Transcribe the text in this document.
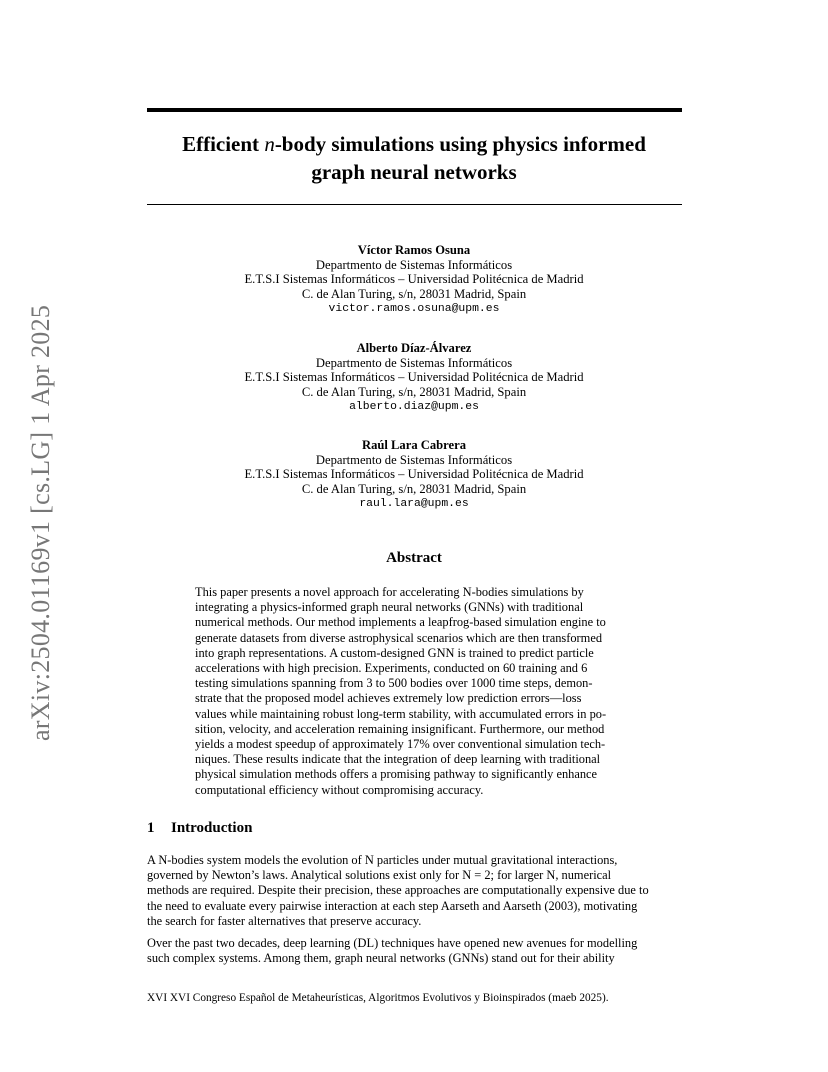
arXiv:2504.01169v1 [cs.LG] 1 Apr 2025
Efficient n-body simulations using physics informed
graph neural networks
Víctor Ramos Osuna
Departmento de Sistemas Informáticos
E.T.S.I Sistemas Informáticos – Universidad Politécnica de Madrid
C. de Alan Turing, s/n, 28031 Madrid, Spain
victor.ramos.osuna@upm.es
Alberto Díaz-Álvarez
Departmento de Sistemas Informáticos
E.T.S.I Sistemas Informáticos – Universidad Politécnica de Madrid
C. de Alan Turing, s/n, 28031 Madrid, Spain
alberto.diaz@upm.es
Raúl Lara Cabrera
Departmento de Sistemas Informáticos
E.T.S.I Sistemas Informáticos – Universidad Politécnica de Madrid
C. de Alan Turing, s/n, 28031 Madrid, Spain
raul.lara@upm.es
Abstract
This paper presents a novel approach for accelerating N-bodies simulations by
integrating a physics-informed graph neural networks (GNNs) with traditional
numerical methods. Our method implements a leapfrog-based simulation engine to
generate datasets from diverse astrophysical scenarios which are then transformed
into graph representations. A custom-designed GNN is trained to predict particle
accelerations with high precision. Experiments, conducted on 60 training and 6
testing simulations spanning from 3 to 500 bodies over 1000 time steps, demon-
strate that the proposed model achieves extremely low prediction errors—loss
values while maintaining robust long-term stability, with accumulated errors in po-
sition, velocity, and acceleration remaining insignificant. Furthermore, our method
yields a modest speedup of approximately 17% over conventional simulation tech-
niques. These results indicate that the integration of deep learning with traditional
physical simulation methods offers a promising pathway to significantly enhance
computational efficiency without compromising accuracy.
1 Introduction
A N-bodies system models the evolution of N particles under mutual gravitational interactions,
governed by Newton’s laws. Analytical solutions exist only for N = 2; for larger N, numerical
methods are required. Despite their precision, these approaches are computationally expensive due to
the need to evaluate every pairwise interaction at each step Aarseth and Aarseth (2003), motivating
the search for faster alternatives that preserve accuracy.
Over the past two decades, deep learning (DL) techniques have opened new avenues for modelling
such complex systems. Among them, graph neural networks (GNNs) stand out for their ability
XVI XVI Congreso Español de Metaheurísticas, Algoritmos Evolutivos y Bioinspirados (maeb 2025).
